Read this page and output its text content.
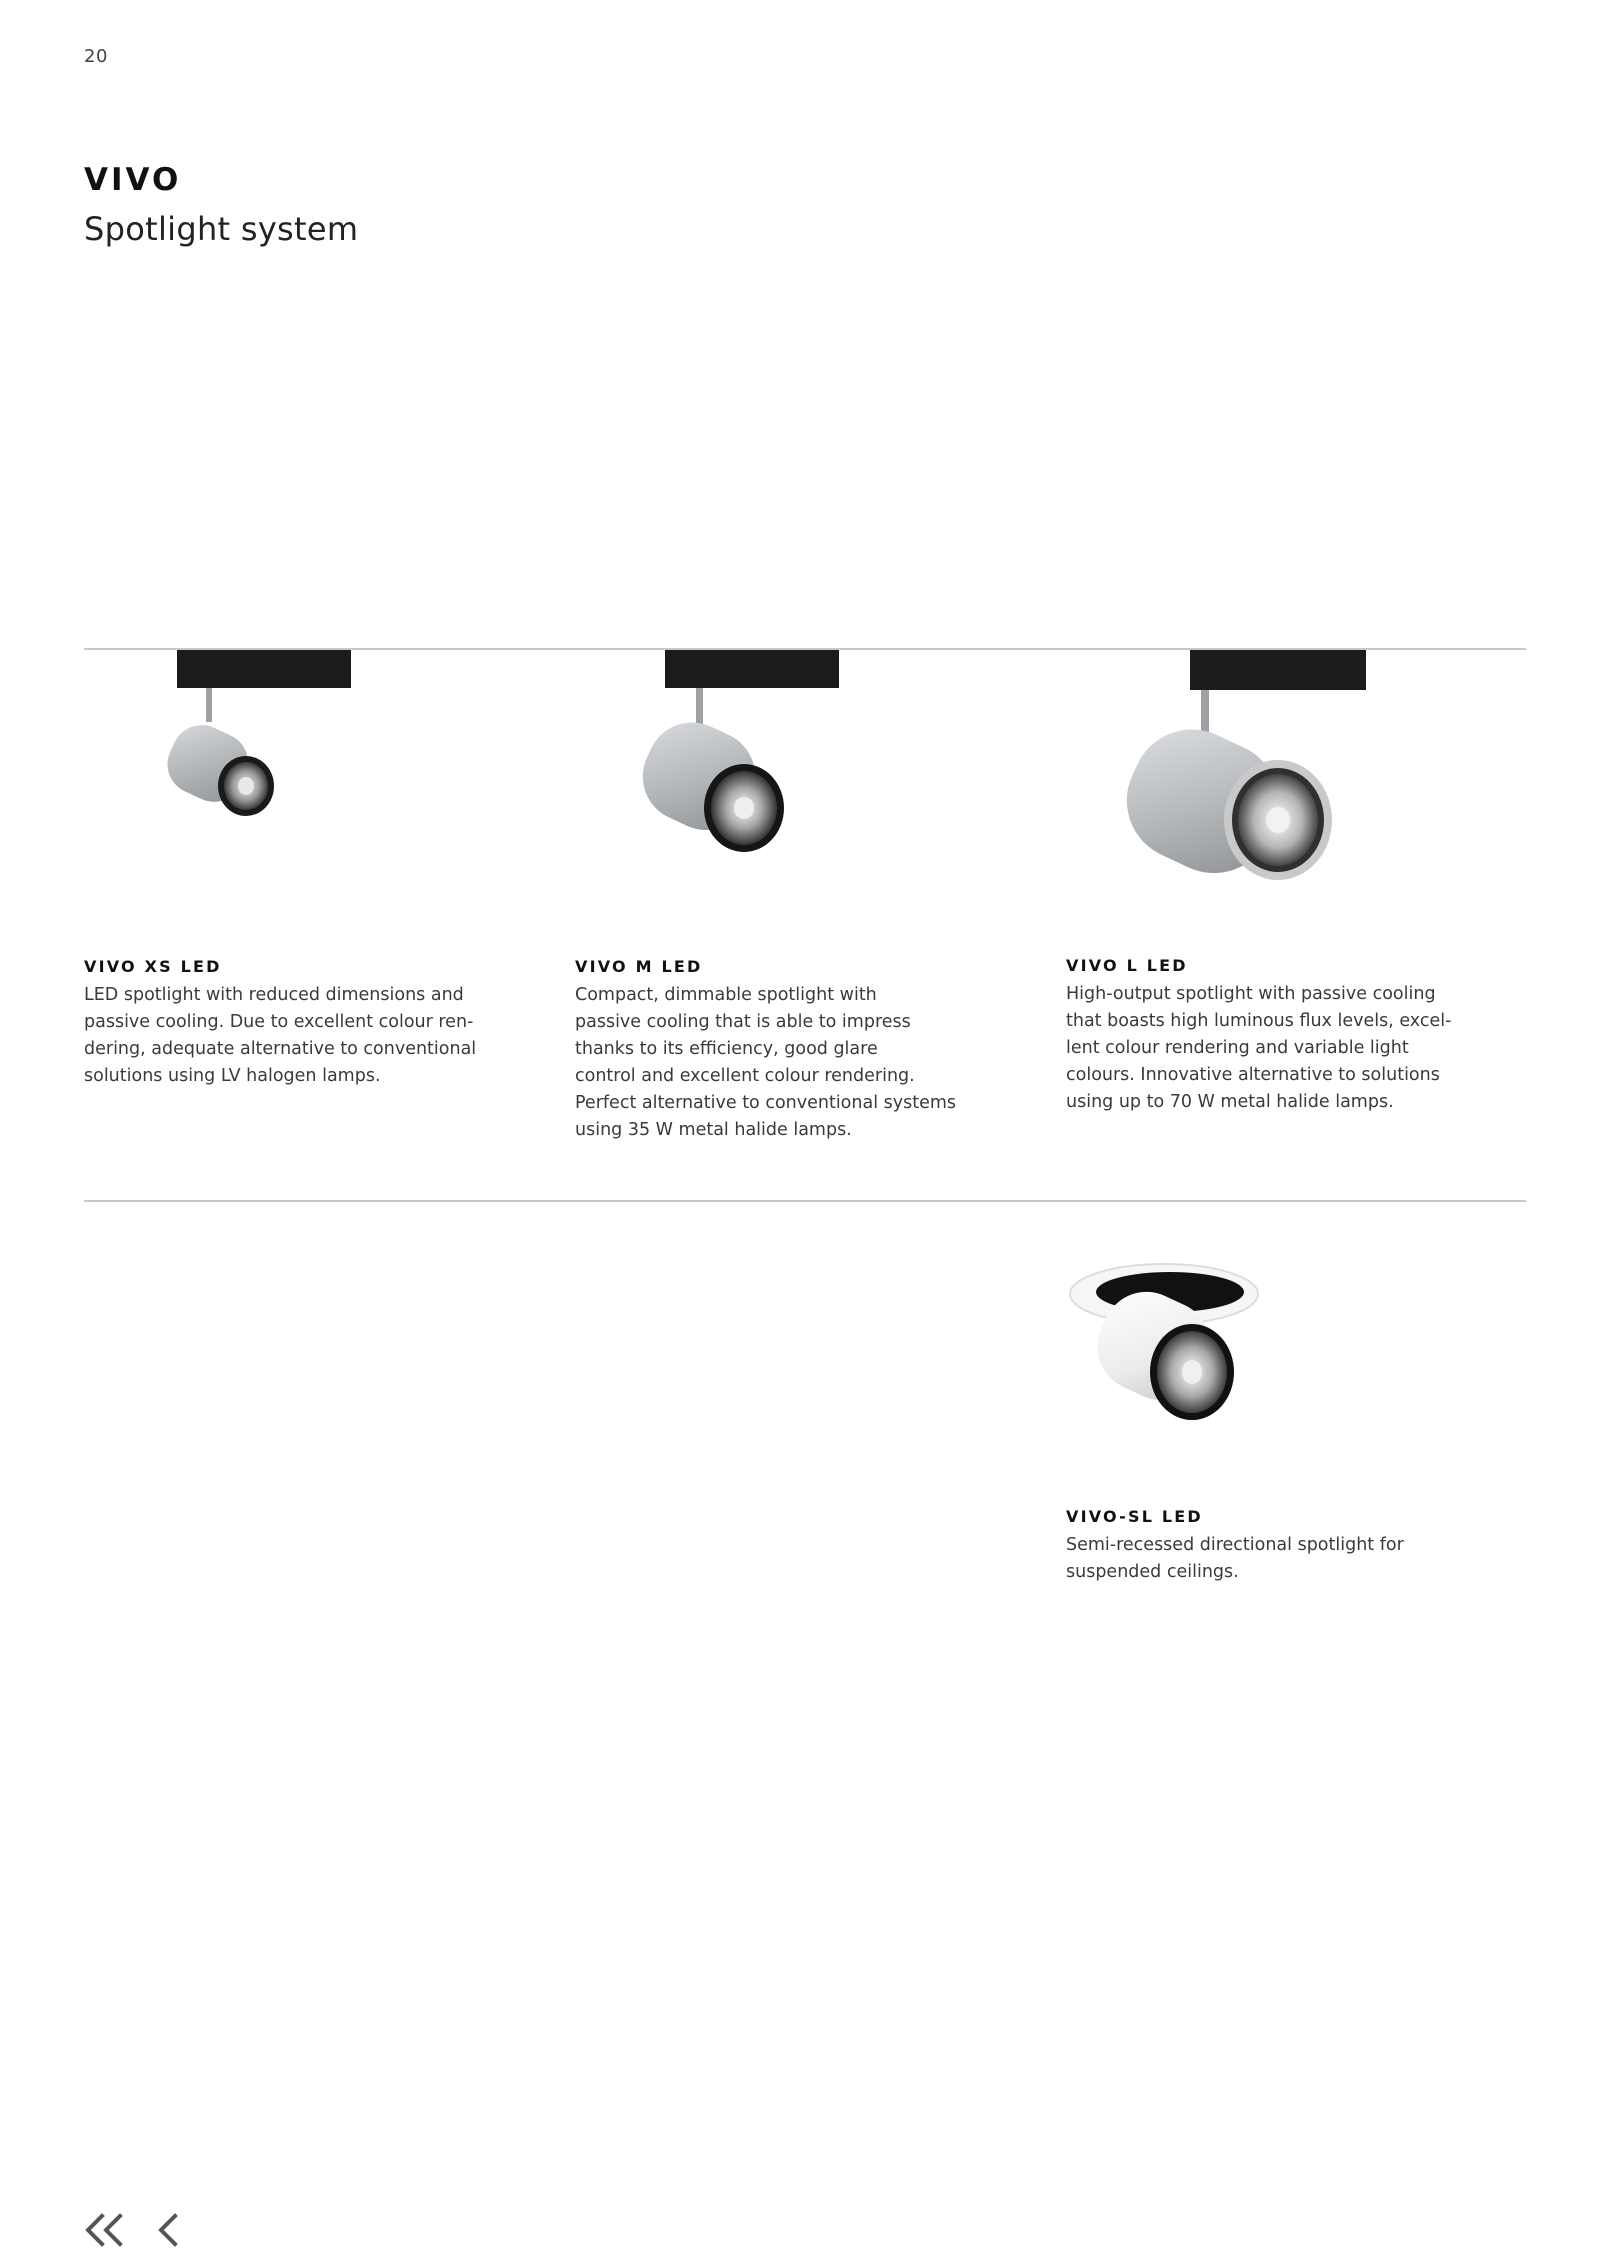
20
VIVO
Spotlight system
VIVO XS LED

LED spotlight with reduced dimensions and
passive cooling. Due to excellent colour ren-
dering, adequate alternative to conventional
solutions using LV halogen lamps.

VIVO M LED

Compact, dimmable spotlight with
passive cooling that is able to impress
thanks to its efficiency, good glare
control and excellent colour rendering.
Perfect alternative to conventional systems
using 35 W metal halide lamps.

VIVO L LED

High-output spotlight with passive cooling
that boasts high luminous flux levels, excel-
lent colour rendering and variable light
colours. Innovative alternative to solutions
using up to 70 W metal halide lamps.

VIVO-SL LED

Semi-recessed directional spotlight for
suspended ceilings.
